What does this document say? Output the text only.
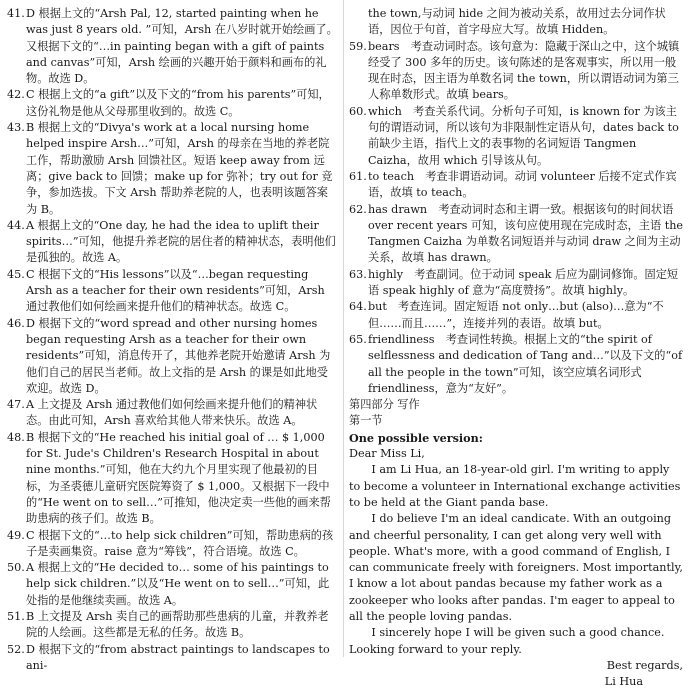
41. D 根据上文的“Arsh Pal, 12, started painting when he was just 8 years old. ”可知，Arsh 在八岁时就开始绘画了。又根据下文的“…in painting began with a gift of paints and canvas”可知，Arsh 绘画的兴趣开始于颜料和画布的礼物。故选 D。
42. C 根据上文的“a gift”以及下文的“from his parents”可知，这份礼物是他从父母那里收到的。故选 C。
43. B 根据上文的“Divya's work at a local nursing home helped inspire Arsh…”可知，Arsh 的母亲在当地的养老院工作，帮助激励 Arsh 回馈社区。短语 keep away from 远离；give back to 回馈；make up for 弥补；try out for 竞争，参加选拔。下文 Arsh 帮助养老院的人，也表明该题答案为 B。
44. A 根据上文的“One day, he had the idea to uplift their spirits…”可知，他提升养老院的居住者的精神状态，表明他们是孤独的。故选 A。
45. C 根据下文的“His lessons”以及“…began requesting Arsh as a teacher for their own residents”可知，Arsh 通过教他们如何绘画来提升他们的精神状态。故选 C。
46. D 根据下文的“word spread and other nursing homes began requesting Arsh as a teacher for their own residents”可知，消息传开了，其他养老院开始邀请 Arsh 为他们自己的居民当老师。故上文指的是 Arsh 的课是如此地受欢迎。故选 D。
47. A 上文提及 Arsh 通过教他们如何绘画来提升他们的精神状态。由此可知，Arsh 喜欢给其他人带来快乐。故选 A。
48. B 根据下文的“He reached his initial goal of … $ 1,000 for St. Jude's Children's Research Hospital in about nine months.”可知，他在大约九个月里实现了他最初的目标，为圣裘德儿童研究医院筹资了 $ 1,000。又根据下一段中的“He went on to sell…”可推知，他决定卖一些他的画来帮助患病的孩子们。故选 B。
49. C 根据下文的“…to help sick children”可知，帮助患病的孩子是卖画集资。raise 意为“筹钱”，符合语境。故选 C。
50. A 根据上文的“He decided to… some of his paintings to help sick children.”以及“He went on to sell…”可知，此处指的是他继续卖画。故选 A。
51. B 上文提及 Arsh 卖自己的画帮助那些患病的儿童，并教养老院的人绘画。这些都是无私的任务。故选 B。
52. D 根据下文的“from abstract paintings to landscapes to ani-

the town,与动词 hide 之间为被动关系，故用过去分词作状语，因位于句首，首字母应大写。故填 Hidden。

59. bears　考查动词时态。该句意为：隐藏于深山之中，这个城镇经受了 300 多年的历史。该句陈述的是客观事实，所以用一般现在时态，因主语为单数名词 the town，所以谓语动词为第三人称单数形式。故填 bears。
60. which　考查关系代词。分析句子可知，is known for 为该主句的谓语动词，所以该句为非限制性定语从句，dates back to 前缺少主语，指代上文的表事物的名词短语 Tangmen Caizha，故用 which 引导该从句。
61. to teach　考查非谓语动词。动词 volunteer 后接不定式作宾语，故填 to teach。
62. has drawn　考查动词时态和主谓一致。根据该句的时间状语 over recent years 可知，该句应使用现在完成时态，主语 the Tangmen Caizha 为单数名词短语并与动词 draw 之间为主动关系，故填 has drawn。
63. highly　考查副词。位于动词 speak 后应为副词修饰。固定短语 speak highly of 意为“高度赞扬”。故填 highly。
64. but　考查连词。固定短语 not only…but (also)…意为“不但……而且……”，连接并列的表语。故填 but。
65. friendliness　考查词性转换。根据上文的“the spirit of selflessness and dedication of Tang and…”以及下文的“of all the people in the town”可知，该空应填名词形式 friendliness，意为“友好”。

第四部分 写作

第一节

One possible version:

Dear Miss Li,

I am Li Hua, an 18-year-old girl. I'm writing to apply to become a volunteer in International exchange activities to be held at the Giant panda base.

I do believe I'm an ideal candicate. With an outgoing and cheerful personality, I can get along very well with people. What's more, with a good command of English, I can communicate freely with foreigners. Most importantly, I know a lot about pandas because my father work as a zookeeper who looks after pandas. I'm eager to appeal to all the people loving pandas.

I sincerely hope I will be given such a good chance. Looking forward to your reply.

Best regards,

Li Hua
